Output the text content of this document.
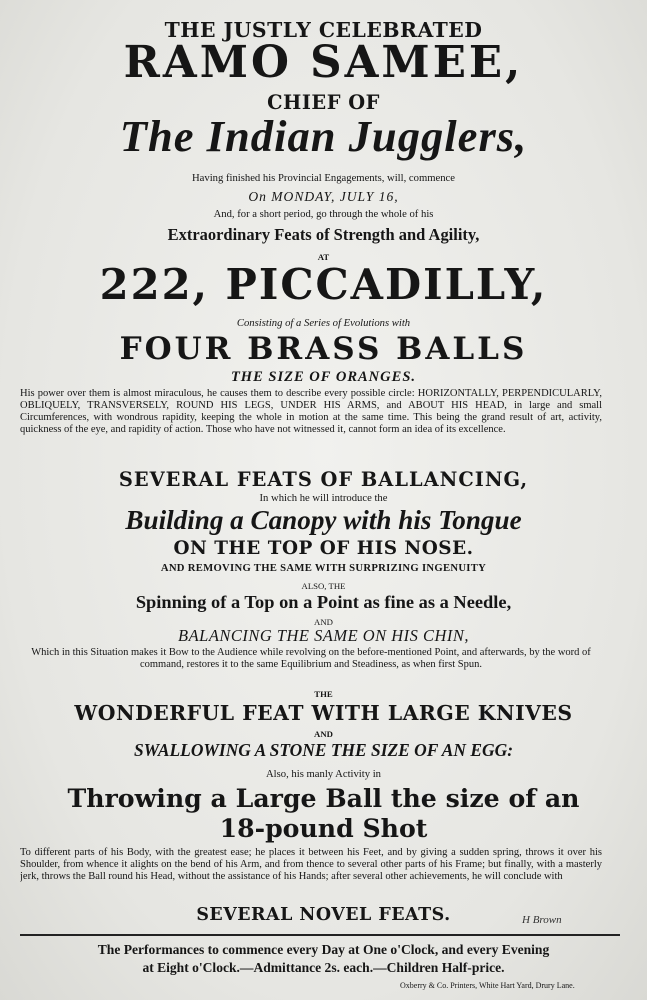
THE JUSTLY CELEBRATED
RAMO SAMEE,
CHIEF OF
The Indian Jugglers,
Having finished his Provincial Engagements, will, commence
On MONDAY, JULY 16,
And, for a short period, go through the whole of his
Extraordinary Feats of Strength and Agility,
AT
222, PICCADILLY,
Consisting of a Series of Evolutions with
FOUR BRASS BALLS
THE SIZE OF ORANGES.
His power over them is almost miraculous, he causes them to describe every possible circle: HORIZONTALLY, PERPENDICULARLY, OBLIQUELY, TRANSVERSELY, ROUND HIS LEGS, UNDER HIS ARMS, and ABOUT HIS HEAD, in large and small Circumferences, with wondrous rapidity, keeping the whole in motion at the same time. This being the grand result of art, activity, quickness of the eye, and rapidity of action. Those who have not witnessed it, cannot form an idea of its excellence.
SEVERAL FEATS OF BALLANCING,
In which he will introduce the
Building a Canopy with his Tongue
ON THE TOP OF HIS NOSE.
AND REMOVING THE SAME WITH SURPRIZING INGENUITY
ALSO, THE
Spinning of a Top on a Point as fine as a Needle,
AND
BALANCING THE SAME ON HIS CHIN,
Which in this Situation makes it Bow to the Audience while revolving on the before-mentioned Point, and afterwards, by the word of command, restores it to the same Equilibrium and Steadiness, as when first Spun.
THE
WONDERFUL FEAT WITH LARGE KNIVES
AND
SWALLOWING A STONE THE SIZE OF AN EGG:
Also, his manly Activity in
Throwing a Large Ball the size of an
18-pound Shot
To different parts of his Body, with the greatest ease; he places it between his Feet, and by giving a sudden spring, throws it over his Shoulder, from whence it alights on the bend of his Arm, and from thence to several other parts of his Frame; but finally, with a masterly jerk, throws the Ball round his Head, without the assistance of his Hands; after several other achievements, he will conclude with
SEVERAL NOVEL FEATS.	H Brown
The Performances to commence every Day at One o'Clock, and every Evening
at Eight o'Clock.—Admittance 2s. each.—Children Half-price.
Oxberry & Co. Printers, White Hart Yard, Drury Lane.
